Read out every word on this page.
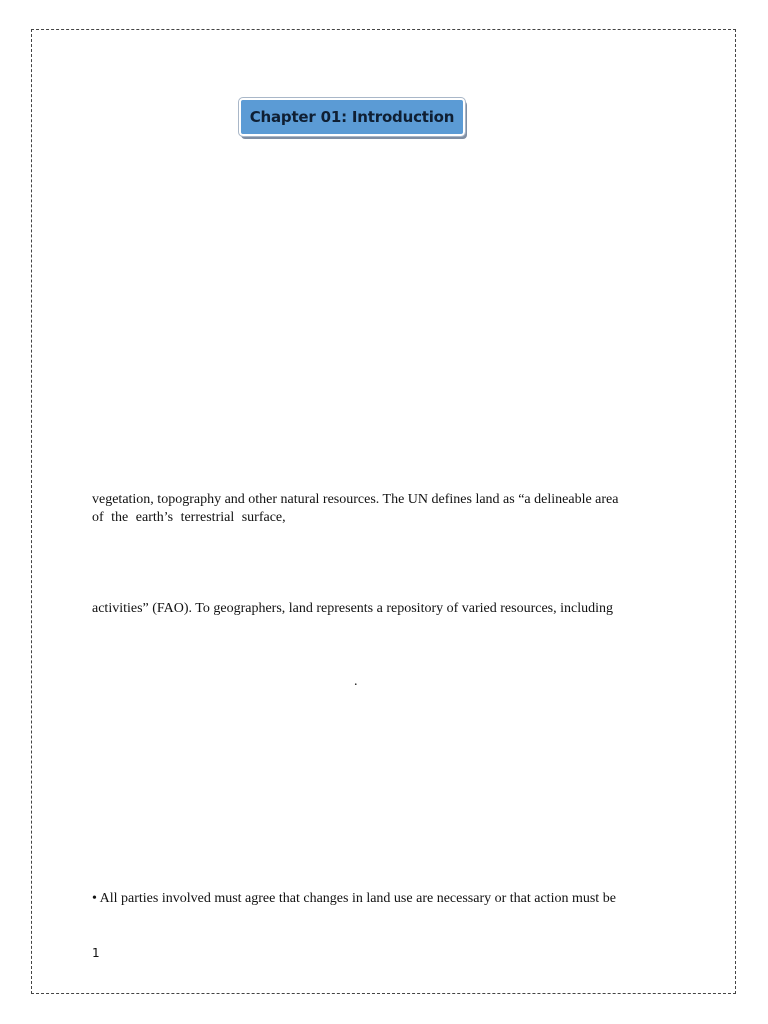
Chapter 01: Introduction
vegetation, topography and other natural resources. The UN defines land as “a delineable area
of the earth’s terrestrial surface,
activities” (FAO). To geographers, land represents a repository of varied resources, including
.
• All parties involved must agree that changes in land use are necessary or that action must be
1
